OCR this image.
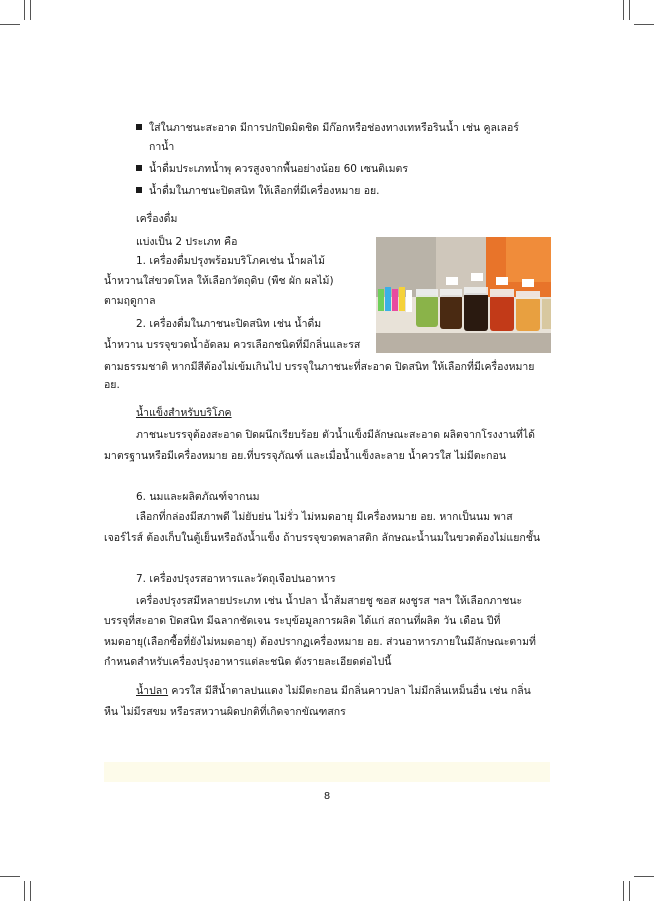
ใส่ในภาชนะสะอาด มีการปกปิดมิดชิด มีก๊อกหรือช่องทางเทหรือรินน้ำ เช่น คูลเลอร์
กาน้ำ
น้ำดื่มประเภทน้ำพุ ควรสูงจากพื้นอย่างน้อย 60 เซนติเมตร
น้ำดื่มในภาชนะปิดสนิท ให้เลือกที่มีเครื่องหมาย อย.
เครื่องดื่ม
แบ่งเป็น 2 ประเภท คือ
1. เครื่องดื่มปรุงพร้อมบริโภคเช่น น้ำผลไม้
น้ำหวานใส่ขวดโหล ให้เลือกวัตถุดิบ (พืช ผัก ผลไม้)
ตามฤดูกาล
2. เครื่องดื่มในภาชนะปิดสนิท เช่น น้ำดื่ม
น้ำหวาน บรรจุขวดน้ำอัดลม ควรเลือกชนิดที่มีกลิ่นและรส
ตามธรรมชาติ หากมีสีต้องไม่เข้มเกินไป บรรจุในภาชนะที่สะอาด ปิดสนิท ให้เลือกที่มีเครื่องหมาย
อย.
น้ำแข็งสำหรับบริโภค
ภาชนะบรรจุต้องสะอาด ปิดผนึกเรียบร้อย ตัวน้ำแข็งมีลักษณะสะอาด ผลิตจากโรงงานที่ได้
มาตรฐานหรือมีเครื่องหมาย อย.ที่บรรจุภัณฑ์ และเมื่อน้ำแข็งละลาย น้ำควรใส ไม่มีตะกอน
6. นมและผลิตภัณฑ์จากนม
เลือกที่กล่องมีสภาพดี ไม่ยับย่น ไม่รั่ว ไม่หมดอายุ มีเครื่องหมาย อย. หากเป็นนม พาส
เจอร์ไรส์ ต้องเก็บในตู้เย็นหรือถังน้ำแข็ง ถ้าบรรจุขวดพลาสติก ลักษณะน้ำนมในขวดต้องไม่แยกชั้น
7. เครื่องปรุงรสอาหารและวัตถุเจือปนอาหาร
เครื่องปรุงรสมีหลายประเภท เช่น น้ำปลา น้ำส้มสายชู ซอส ผงชูรส ฯลฯ ให้เลือกภาชนะ
บรรจุที่สะอาด ปิดสนิท มีฉลากชัดเจน ระบุข้อมูลการผลิต ได้แก่ สถานที่ผลิต วัน เดือน ปีที่
หมดอายุ(เลือกซื้อที่ยังไม่หมดอายุ) ต้องปรากฏเครื่องหมาย อย. ส่วนอาหารภายในมีลักษณะตามที่
กำหนดสำหรับเครื่องปรุงอาหารแต่ละชนิด ดังรายละเอียดต่อไปนี้
น้ำปลา ควรใส มีสีน้ำตาลปนแดง ไม่มีตะกอน มีกลิ่นคาวปลา ไม่มีกลิ่นเหม็นอื่น เช่น กลิ่น
หืน ไม่มีรสขม หรือรสหวานผิดปกติที่เกิดจากขัณฑสกร
8
